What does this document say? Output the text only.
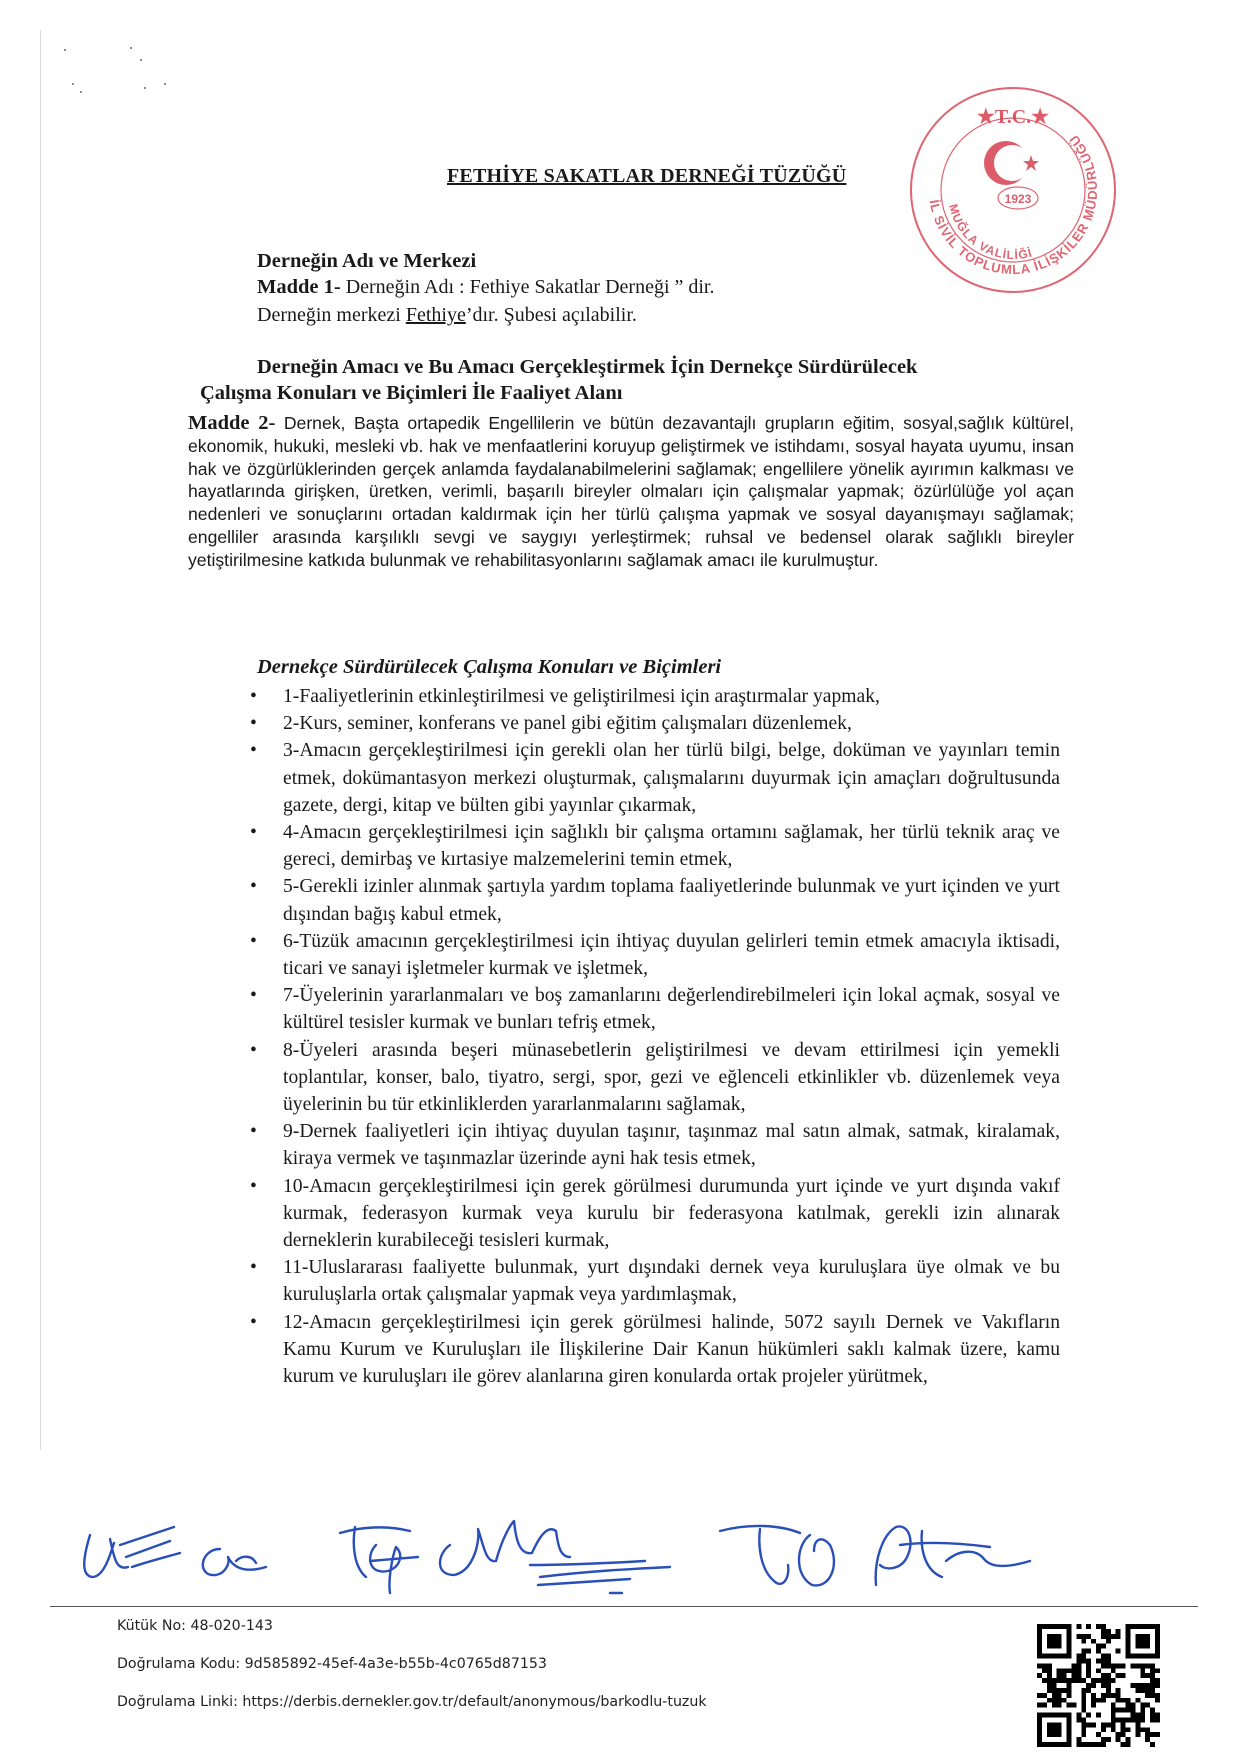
FETHİYE SAKATLAR DERNEĞİ TÜZÜĞÜ
★T.C.★
1923
İL SİVİL TOPLUMLA İLİŞKİLER MÜDÜRLÜĞÜ
MUĞLA VALİLİĞİ
Derneğin Adı ve Merkezi
Madde 1- Derneğin Adı : Fethiye Sakatlar Derneği ” dir.
Derneğin merkezi Fethiye’dır. Şubesi açılabilir.
Derneğin Amacı ve Bu Amacı Gerçekleştirmek İçin Dernekçe Sürdürülecek
Çalışma Konuları ve Biçimleri İle Faaliyet Alanı
Madde 2- Dernek, Başta ortapedik Engellilerin ve bütün dezavantajlı grupların eğitim, sosyal,sağlık kültürel, ekonomik, hukuki, mesleki vb. hak ve menfaatlerini koruyup geliştirmek ve istihdamı, sosyal hayata uyumu, insan hak ve özgürlüklerinden gerçek anlamda faydalanabilmelerini sağlamak; engellilere yönelik ayırımın kalkması ve hayatlarında girişken, üretken, verimli, başarılı bireyler olmaları için çalışmalar yapmak; özürlülüğe yol açan nedenleri ve sonuçlarını ortadan kaldırmak için her türlü çalışma yapmak ve sosyal dayanışmayı sağlamak; engelliler arasında karşılıklı sevgi ve saygıyı yerleştirmek; ruhsal ve bedensel olarak sağlıklı bireyler yetiştirilmesine katkıda bulunmak ve rehabilitasyonlarını sağlamak amacı ile kurulmuştur.
Dernekçe Sürdürülecek Çalışma Konuları ve Biçimleri
• 1-Faaliyetlerinin etkinleştirilmesi ve geliştirilmesi için araştırmalar yapmak,
• 2-Kurs, seminer, konferans ve panel gibi eğitim çalışmaları düzenlemek,
• 3-Amacın gerçekleştirilmesi için gerekli olan her türlü bilgi, belge, doküman ve yayınları temin etmek, dokümantasyon merkezi oluşturmak, çalışmalarını duyurmak için amaçları doğrultusunda gazete, dergi, kitap ve bülten gibi yayınlar çıkarmak,
• 4-Amacın gerçekleştirilmesi için sağlıklı bir çalışma ortamını sağlamak, her türlü teknik araç ve gereci, demirbaş ve kırtasiye malzemelerini temin etmek,
• 5-Gerekli izinler alınmak şartıyla yardım toplama faaliyetlerinde bulunmak ve yurt içinden ve yurt dışından bağış kabul etmek,
• 6-Tüzük amacının gerçekleştirilmesi için ihtiyaç duyulan gelirleri temin etmek amacıyla iktisadi, ticari ve sanayi işletmeler kurmak ve işletmek,
• 7-Üyelerinin yararlanmaları ve boş zamanlarını değerlendirebilmeleri için lokal açmak, sosyal ve kültürel tesisler kurmak ve bunları tefriş etmek,
• 8-Üyeleri arasında beşeri münasebetlerin geliştirilmesi ve devam ettirilmesi için yemekli toplantılar, konser, balo, tiyatro, sergi, spor, gezi ve eğlenceli etkinlikler vb. düzenlemek veya üyelerinin bu tür etkinliklerden yararlanmalarını sağlamak,
• 9-Dernek faaliyetleri için ihtiyaç duyulan taşınır, taşınmaz mal satın almak, satmak, kiralamak, kiraya vermek ve taşınmazlar üzerinde ayni hak tesis etmek,
• 10-Amacın gerçekleştirilmesi için gerek görülmesi durumunda yurt içinde ve yurt dışında vakıf kurmak, federasyon kurmak veya kurulu bir federasyona katılmak, gerekli izin alınarak derneklerin kurabileceği tesisleri kurmak,
• 11-Uluslararası faaliyette bulunmak, yurt dışındaki dernek veya kuruluşlara üye olmak ve bu kuruluşlarla ortak çalışmalar yapmak veya yardımlaşmak,
• 12-Amacın gerçekleştirilmesi için gerek görülmesi halinde, 5072 sayılı Dernek ve Vakıfların Kamu Kurum ve Kuruluşları ile İlişkilerine Dair Kanun hükümleri saklı kalmak üzere, kamu kurum ve kuruluşları ile görev alanlarına giren konularda ortak projeler yürütmek,
Kütük No: 48-020-143
Doğrulama Kodu: 9d585892-45ef-4a3e-b55b-4c0765d87153
Doğrulama Linki: https://derbis.dernekler.gov.tr/default/anonymous/barkodlu-tuzuk
